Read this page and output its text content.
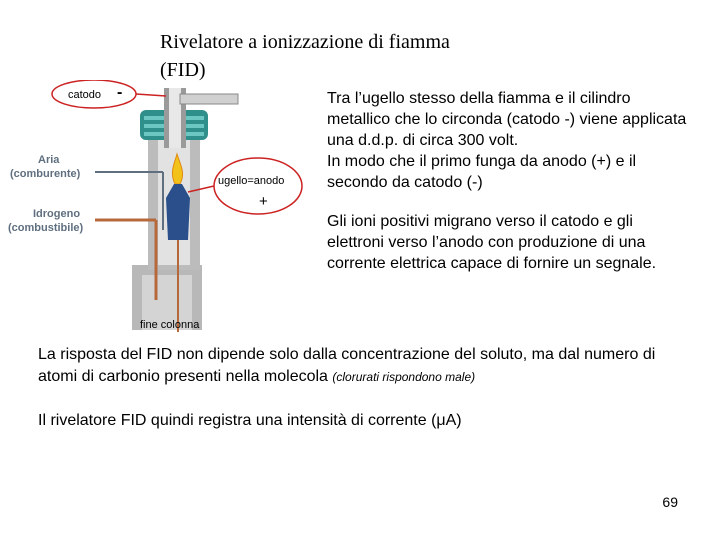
Rivelatore a ionizzazione di fiamma
(FID)
catodo -
ugello=anodo
+
Aria
(comburente)
Idrogeno
(combustibile)
fine colonna

Tra l’ugello stesso della fiamma e il cilindro metallico che lo circonda (catodo -) viene applicata una d.d.p. di circa 300 volt.

In modo che il primo funga da anodo (+) e il secondo da catodo (-)

Gli ioni positivi migrano verso il catodo e gli elettroni verso l’anodo con produzione di una corrente elettrica capace di fornire un segnale.

La risposta del FID non dipende solo dalla concentrazione del soluto, ma dal numero di atomi di carbonio presenti nella molecola (clorurati rispondono male)
Il rivelatore FID quindi registra una intensità di corrente (μA)
69
